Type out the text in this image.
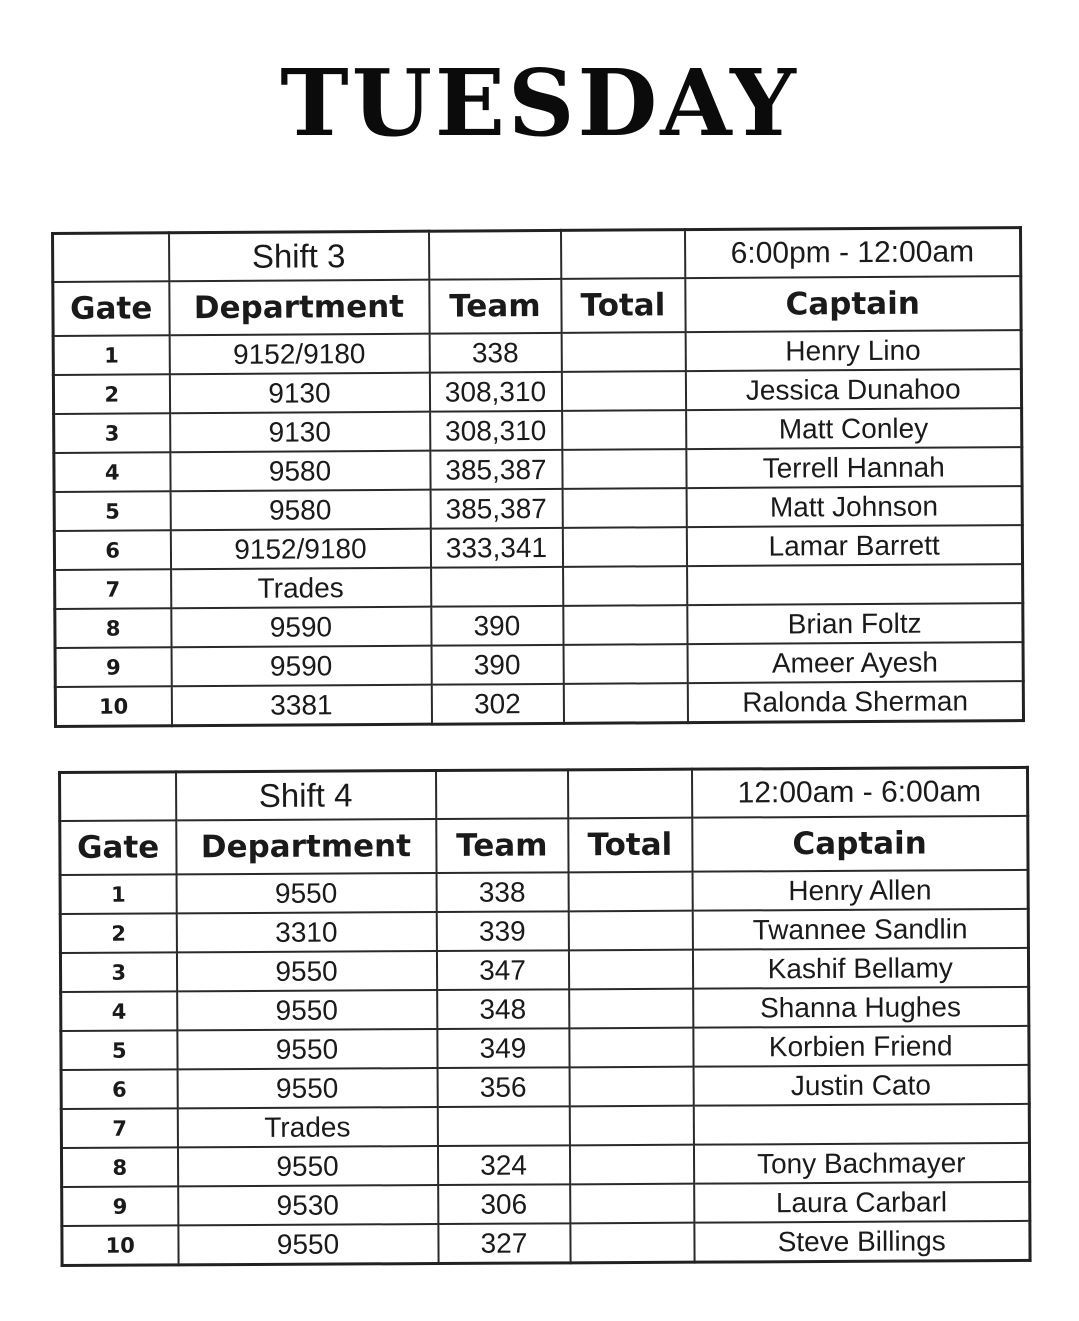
TUESDAY
	Shift 3			6:00pm - 12:00am
Gate	Department	Team	Total	Captain
1	9152/9180	338		Henry Lino
2	9130	308,310		Jessica Dunahoo
3	9130	308,310		Matt Conley
4	9580	385,387		Terrell Hannah
5	9580	385,387		Matt Johnson
6	9152/9180	333,341		Lamar Barrett
7	Trades			
8	9590	390		Brian Foltz
9	9590	390		Ameer Ayesh
10	3381	302		Ralonda Sherman
	Shift 4			12:00am - 6:00am
Gate	Department	Team	Total	Captain
1	9550	338		Henry Allen
2	3310	339		Twannee Sandlin
3	9550	347		Kashif Bellamy
4	9550	348		Shanna Hughes
5	9550	349		Korbien Friend
6	9550	356		Justin Cato
7	Trades			
8	9550	324		Tony Bachmayer
9	9530	306		Laura Carbarl
10	9550	327		Steve Billings
